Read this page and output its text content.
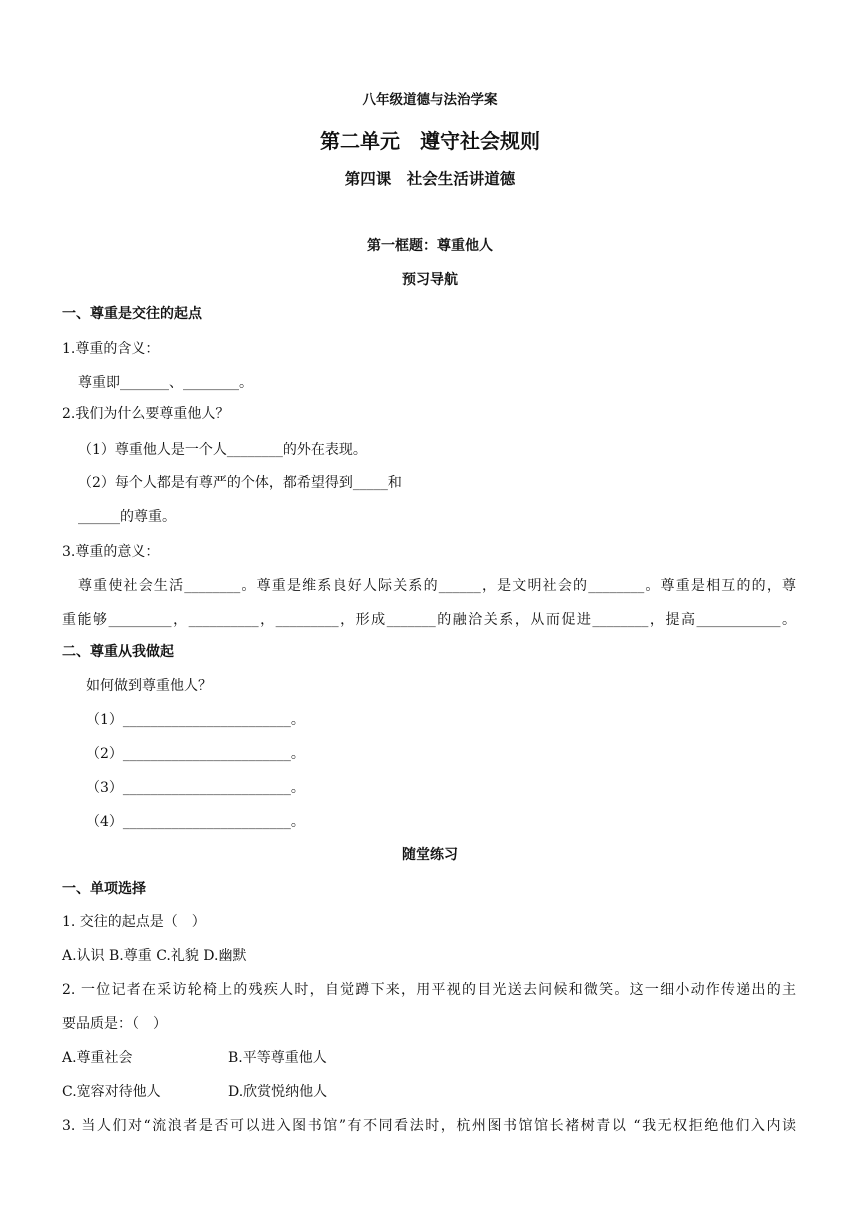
八年级道德与法治学案
第二单元　遵守社会规则
第四课　社会生活讲道德
第一框题：尊重他人
预习导航
一、尊重是交往的起点
1.尊重的含义：
尊重即_______、________。
2.我们为什么要尊重他人？
（1）尊重他人是一个人________的外在表现。
（2）每个人都是有尊严的个体，都希望得到_____和
______的尊重。
3.尊重的意义：
尊重使社会生活________。尊重是维系良好人际关系的______，是文明社会的________。尊重是相互的的，尊
重能够_________，__________，_________，形成_______的融洽关系，从而促进________，提高____________。
二、尊重从我做起
如何做到尊重他人？
（1）________________________。
（2）________________________。
（3）________________________。
（4）________________________。
随堂练习
一、单项选择
1. 交往的起点是（　）
A.认识 B.尊重 C.礼貌 D.幽默
2. 一位记者在采访轮椅上的残疾人时，自觉蹲下来，用平视的目光送去问候和微笑。这一细小动作传递出的主
要品质是：（　）
A.尊重社会	B.平等尊重他人
C.宽容对待他人	D.欣赏悦纳他人
3. 当人们对“流浪者是否可以进入图书馆”有不同看法时，杭州图书馆馆长褚树青以 “我无权拒绝他们入内读
